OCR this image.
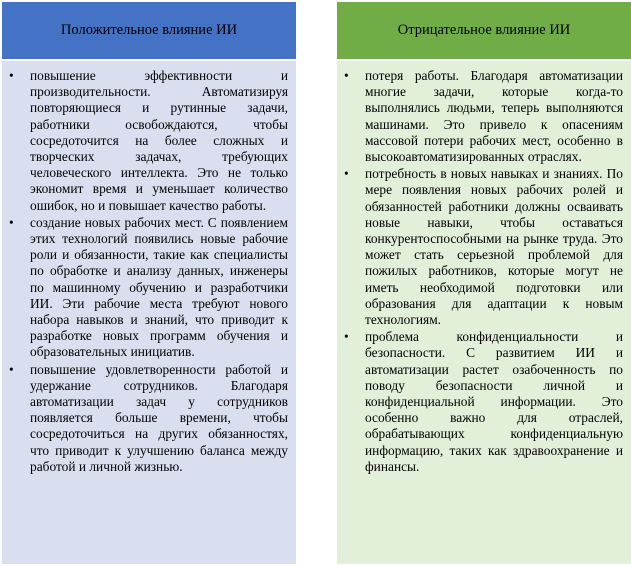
Положительное влияние ИИ
•	повышение эффективности и производительности. Автоматизируя повторяющиеся и рутинные задачи, работники освобождаются, чтобы сосредоточится на более сложных и творческих задачах, требующих человеческого интеллекта. Это не только экономит время и уменьшает количество ошибок, но и повышает качество работы.
•	создание новых рабочих мест. С появлением этих технологий появились новые рабочие роли и обязанности, такие как специалисты по обработке и анализу данных, инженеры по машинному обучению и разработчики ИИ. Эти рабочие места требуют нового набора навыков и знаний, что приводит к разработке новых программ обучения и образовательных инициатив.
•	повышение удовлетворенности работой и удержание сотрудников. Благодаря автоматизации задач у сотрудников появляется больше времени, чтобы сосредоточиться на других обязанностях, что приводит к улучшению баланса между работой и личной жизнью.
Отрицательное влияние ИИ
•	потеря работы. Благодаря автоматизации многие задачи, которые когда-то выполнялись людьми, теперь выполняются машинами. Это привело к опасениям массовой потери рабочих мест, особенно в высокоавтоматизированных отраслях.
•	потребность в новых навыках и знаниях. По мере появления новых рабочих ролей и обязанностей работники должны осваивать новые навыки, чтобы оставаться конкурентоспособными на рынке труда. Это может стать серьезной проблемой для пожилых работников, которые могут не иметь необходимой подготовки или образования для адаптации к новым технологиям.
•	проблема конфиденциальности и безопасности. С развитием ИИ и автоматизации растет озабоченность по поводу безопасности личной и конфиденциальной информации. Это особенно важно для отраслей, обрабатывающих конфиденциальную информацию, таких как здравоохранение и финансы.
